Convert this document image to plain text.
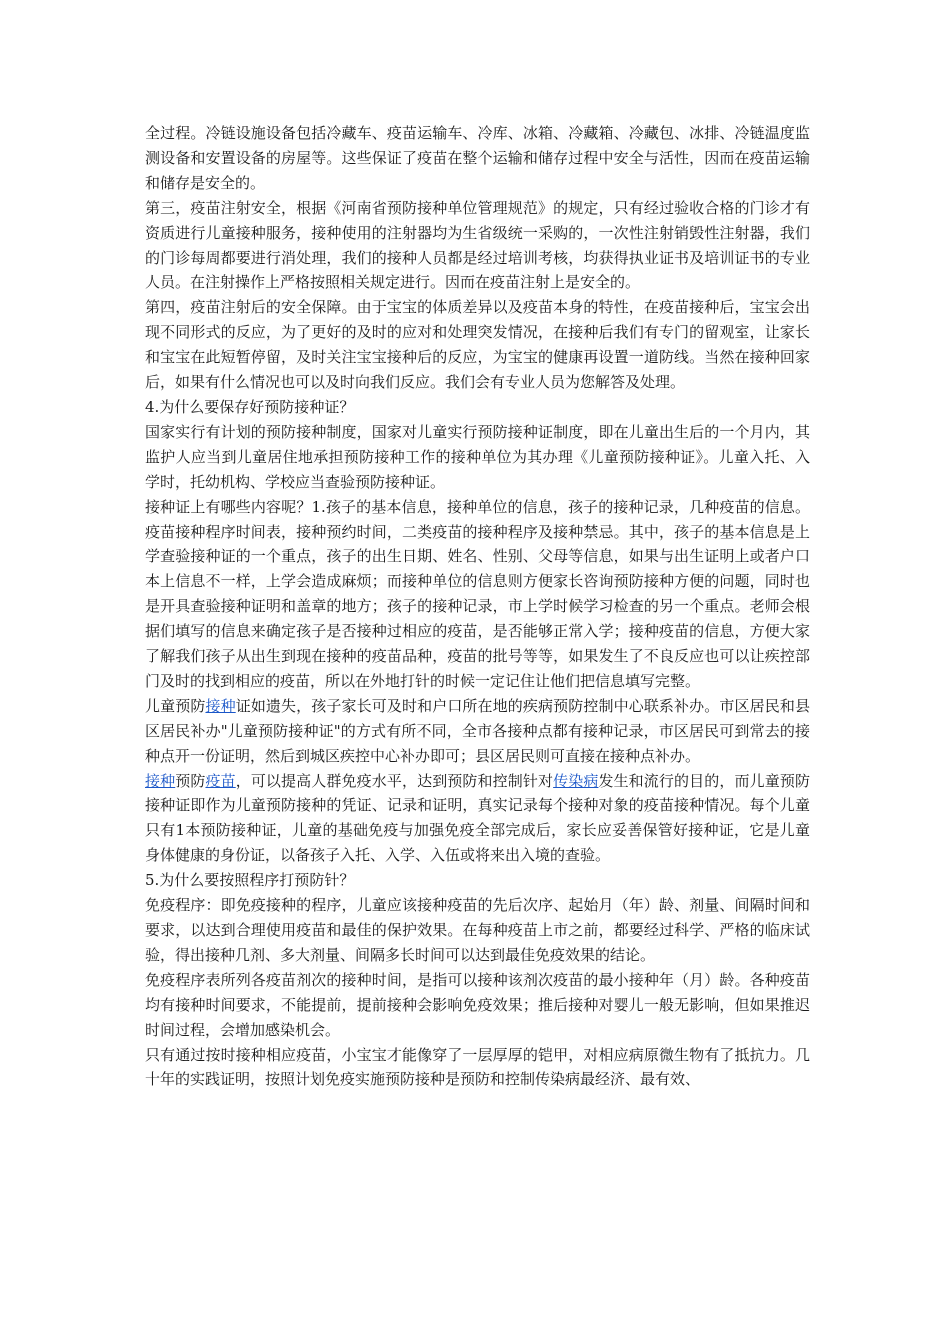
全过程。冷链设施设备包括冷藏车、疫苗运输车、冷库、冰箱、冷藏箱、冷藏包、冰排、冷链温度监测设备和安置设备的房屋等。这些保证了疫苗在整个运输和储存过程中安全与活性，因而在疫苗运输和储存是安全的。

第三，疫苗注射安全，根据《河南省预防接种单位管理规范》的规定，只有经过验收合格的门诊才有资质进行儿童接种服务，接种使用的注射器均为生省级统一采购的，一次性注射销毁性注射器，我们的门诊每周都要进行消处理，我们的接种人员都是经过培训考核，均获得执业证书及培训证书的专业人员。在注射操作上严格按照相关规定进行。因而在疫苗注射上是安全的。

第四，疫苗注射后的安全保障。由于宝宝的体质差异以及疫苗本身的特性，在疫苗接种后，宝宝会出现不同形式的反应，为了更好的及时的应对和处理突发情况，在接种后我们有专门的留观室，让家长和宝宝在此短暂停留，及时关注宝宝接种后的反应，为宝宝的健康再设置一道防线。当然在接种回家后，如果有什么情况也可以及时向我们反应。我们会有专业人员为您解答及处理。

4.为什么要保存好预防接种证？

国家实行有计划的预防接种制度，国家对儿童实行预防接种证制度，即在儿童出生后的一个月内，其监护人应当到儿童居住地承担预防接种工作的接种单位为其办理《儿童预防接种证》。儿童入托、入学时，托幼机构、学校应当查验预防接种证。

接种证上有哪些内容呢？1.孩子的基本信息，接种单位的信息，孩子的接种记录，几种疫苗的信息。疫苗接种程序时间表，接种预约时间，二类疫苗的接种程序及接种禁忌。其中，孩子的基本信息是上学查验接种证的一个重点，孩子的出生日期、姓名、性别、父母等信息，如果与出生证明上或者户口本上信息不一样，上学会造成麻烦；而接种单位的信息则方便家长咨询预防接种方便的问题，同时也是开具查验接种证明和盖章的地方；孩子的接种记录，市上学时候学习检查的另一个重点。老师会根据们填写的信息来确定孩子是否接种过相应的疫苗，是否能够正常入学；接种疫苗的信息，方便大家了解我们孩子从出生到现在接种的疫苗品种，疫苗的批号等等，如果发生了不良反应也可以让疾控部门及时的找到相应的疫苗，所以在外地打针的时候一定记住让他们把信息填写完整。

儿童预防接种证如遗失，孩子家长可及时和户口所在地的疾病预防控制中心联系补办。市区居民和县区居民补办"儿童预防接种证"的方式有所不同，全市各接种点都有接种记录，市区居民可到常去的接种点开一份证明，然后到城区疾控中心补办即可；县区居民则可直接在接种点补办。

接种预防疫苗，可以提高人群免疫水平，达到预防和控制针对传染病发生和流行的目的，而儿童预防接种证即作为儿童预防接种的凭证、记录和证明，真实记录每个接种对象的疫苗接种情况。每个儿童只有1本预防接种证，儿童的基础免疫与加强免疫全部完成后，家长应妥善保管好接种证，它是儿童身体健康的身份证，以备孩子入托、入学、入伍或将来出入境的查验。

5.为什么要按照程序打预防针？

免疫程序：即免疫接种的程序，儿童应该接种疫苗的先后次序、起始月（年）龄、剂量、间隔时间和要求，以达到合理使用疫苗和最佳的保护效果。在每种疫苗上市之前，都要经过科学、严格的临床试验，得出接种几剂、多大剂量、间隔多长时间可以达到最佳免疫效果的结论。

免疫程序表所列各疫苗剂次的接种时间，是指可以接种该剂次疫苗的最小接种年（月）龄。各种疫苗均有接种时间要求，不能提前，提前接种会影响免疫效果；推后接种对婴儿一般无影响，但如果推迟时间过程，会增加感染机会。

只有通过按时接种相应疫苗，小宝宝才能像穿了一层厚厚的铠甲，对相应病原微生物有了抵抗力。几十年的实践证明，按照计划免疫实施预防接种是预防和控制传染病最经济、最有效、
